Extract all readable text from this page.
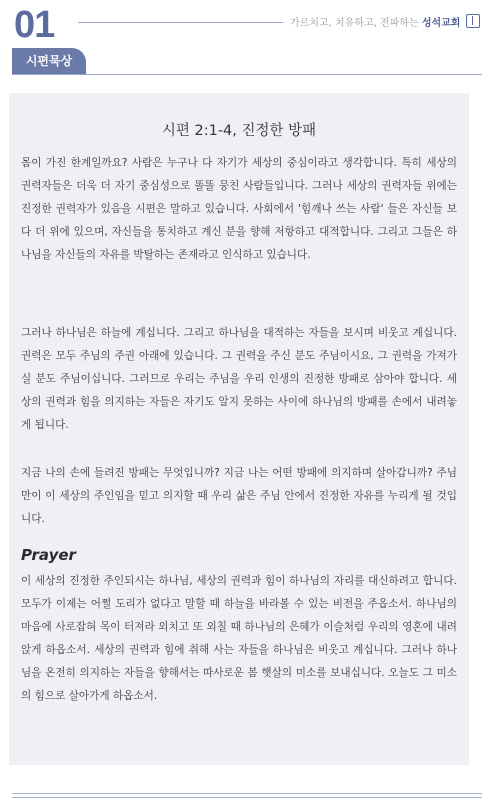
01	가르치고, 치유하고, 전파하는 성석교회
시편묵상
시편 2:1-4, 진정한 방패

몸이 가진 한계일까요? 사람은 누구나 다 자기가 세상의 중심이라고 생각합니다. 특히 세상의 권력자들은 더욱 더 자기 중심성으로 똘똘 뭉친 사람들입니다. 그러나 세상의 권력자들 위에는 진정한 권력자가 있음을 시편은 말하고 있습니다. 사회에서 '힘깨나 쓰는 사람' 들은 자신들 보다 더 위에 있으며, 자신들을 통치하고 계신 분을 향해 저항하고 대적합니다. 그리고 그들은 하나님을 자신들의 자유를 박탈하는 존재라고 인식하고 있습니다.

그러나 하나님은 하늘에 계십니다. 그리고 하나님을 대적하는 자들을 보시며 비웃고 계십니다. 권력은 모두 주님의 주권 아래에 있습니다. 그 권력을 주신 분도 주님이시요, 그 권력을 가져가실 분도 주님이십니다. 그러므로 우리는 주님을 우리 인생의 진정한 방패로 삼아야 합니다. 세상의 권력과 힘을 의지하는 자들은 자기도 알지 못하는 사이에 하나님의 방패를 손에서 내려놓게 됩니다.

지금 나의 손에 들려진 방패는 무엇입니까? 지금 나는 어떤 방패에 의지하며 살아갑니까? 주님만이 이 세상의 주인임을 믿고 의지할 때 우리 삶은 주님 안에서 진정한 자유를 누리게 될 것입니다.

Prayer

이 세상의 진정한 주인되시는 하나님, 세상의 권력과 힘이 하나님의 자리를 대신하려고 합니다. 모두가 이제는 어쩔 도리가 없다고 말할 때 하늘을 바라볼 수 있는 비전을 주옵소서. 하나님의 마음에 사로잡혀 목이 터져라 외치고 또 외칠 때 하나님의 은혜가 이슬처럼 우리의 영혼에 내려앉게 하옵소서. 세상의 권력과 힘에 취해 사는 자들을 하나님은 비웃고 계십니다. 그러나 하나님을 온전히 의지하는 자들을 향해서는 따사로운 봄 햇살의 미소를 보내십니다. 오늘도 그 미소의 힘으로 살아가게 하옵소서.
